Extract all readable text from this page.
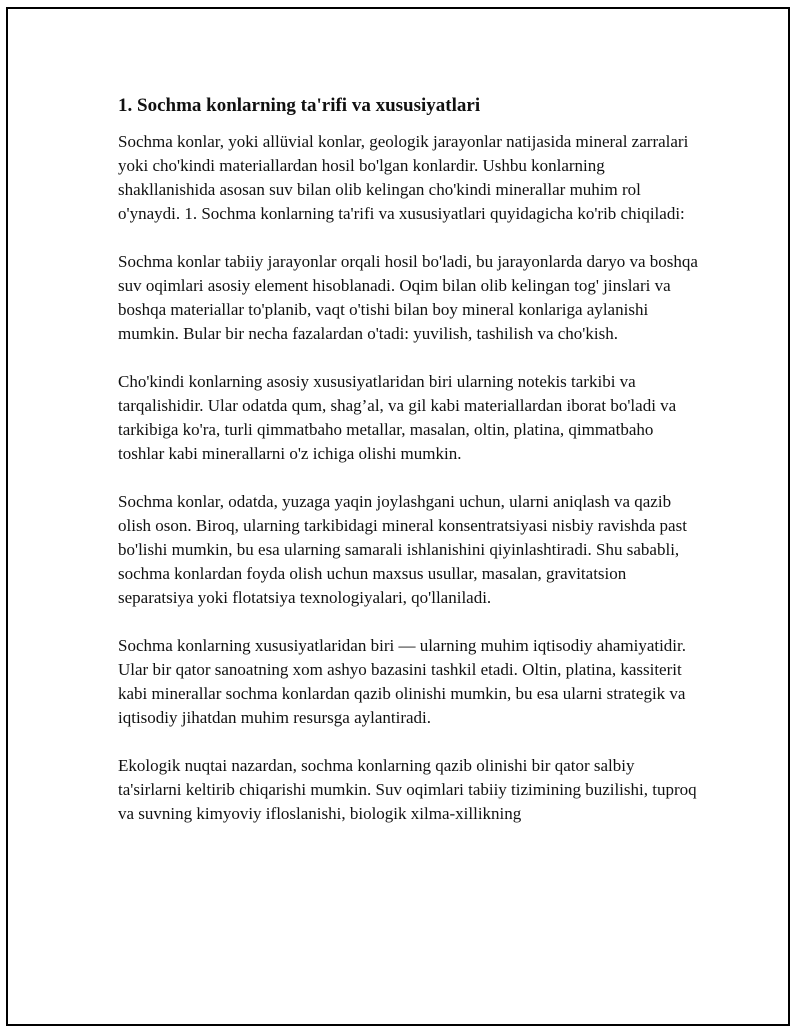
1. Sochma konlarning ta'rifi va xususiyatlari

Sochma konlar, yoki allüvial konlar, geologik jarayonlar natijasida mineral zarralari yoki cho'kindi materiallardan hosil bo'lgan konlardir. Ushbu konlarning shakllanishida asosan suv bilan olib kelingan cho'kindi minerallar muhim rol o'ynaydi. 1. Sochma konlarning ta'rifi va xususiyatlari quyidagicha ko'rib chiqiladi:

Sochma konlar tabiiy jarayonlar orqali hosil bo'ladi, bu jarayonlarda daryo va boshqa suv oqimlari asosiy element hisoblanadi. Oqim bilan olib kelingan tog' jinslari va boshqa materiallar to'planib, vaqt o'tishi bilan boy mineral konlariga aylanishi mumkin. Bular bir necha fazalardan o'tadi: yuvilish, tashilish va cho'kish.

Cho'kindi konlarning asosiy xususiyatlaridan biri ularning notekis tarkibi va tarqalishidir. Ular odatda qum, shag’al, va gil kabi materiallardan iborat bo'ladi va tarkibiga ko'ra, turli qimmatbaho metallar, masalan, oltin, platina, qimmatbaho toshlar kabi minerallarni o'z ichiga olishi mumkin.

Sochma konlar, odatda, yuzaga yaqin joylashgani uchun, ularni aniqlash va qazib olish oson. Biroq, ularning tarkibidagi mineral konsentratsiyasi nisbiy ravishda past bo'lishi mumkin, bu esa ularning samarali ishlanishini qiyinlashtiradi. Shu sababli, sochma konlardan foyda olish uchun maxsus usullar, masalan, gravitatsion separatsiya yoki flotatsiya texnologiyalari, qo'llaniladi.

Sochma konlarning xususiyatlaridan biri — ularning muhim iqtisodiy ahamiyatidir. Ular bir qator sanoatning xom ashyo bazasini tashkil etadi. Oltin, platina, kassiterit kabi minerallar sochma konlardan qazib olinishi mumkin, bu esa ularni strategik va iqtisodiy jihatdan muhim resursga aylantiradi.

Ekologik nuqtai nazardan, sochma konlarning qazib olinishi bir qator salbiy ta'sirlarni keltirib chiqarishi mumkin. Suv oqimlari tabiiy tizimining buzilishi, tuproq va suvning kimyoviy ifloslanishi, biologik xilma-xillikning
